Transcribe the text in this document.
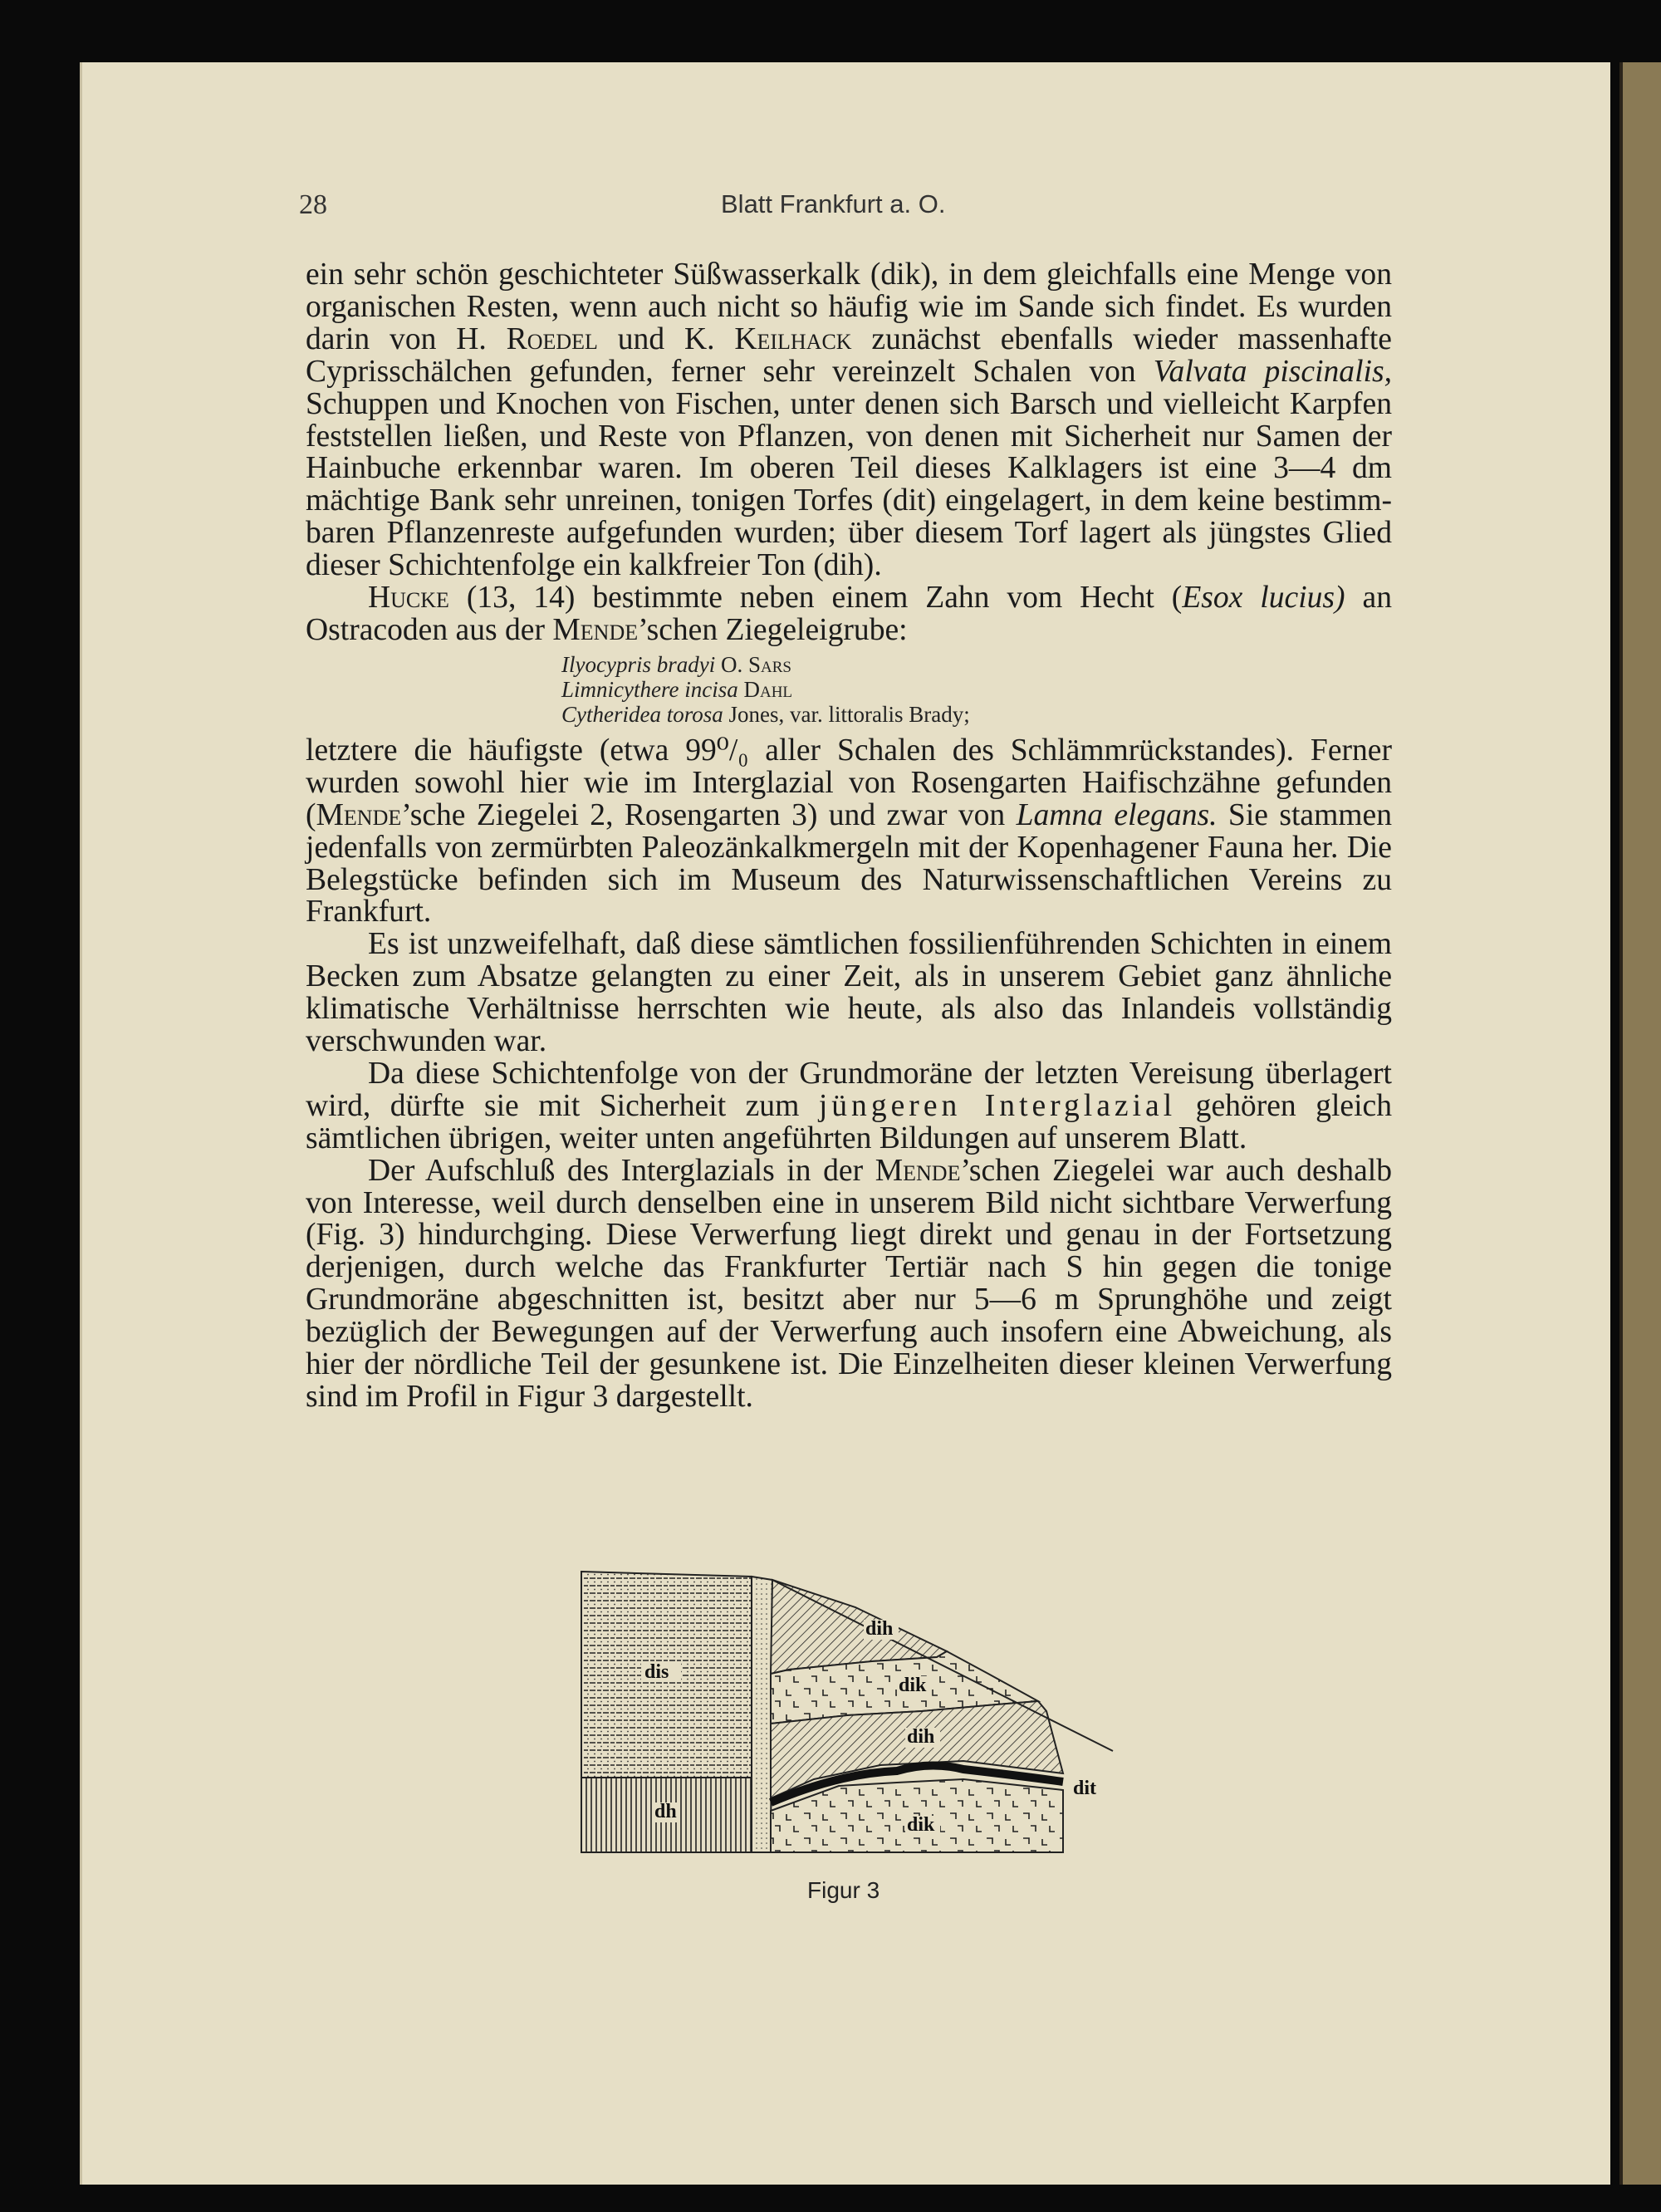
28	Blatt Frankfurt a. O.

ein sehr schön geschichteter Süßwasserkalk (dik), in dem gleichfalls eine Menge von organischen Resten, wenn auch nicht so häufig wie im Sande sich findet. Es wurden darin von H. Roedel und K. Keilhack zunächst ebenfalls wieder massenhafte Cyprisschälchen gefunden, ferner sehr vereinzelt Schalen von Valvata piscinalis, Schuppen und Knochen von Fischen, unter denen sich Barsch und vielleicht Karpfen feststellen ließen, und Reste von Pflanzen, von denen mit Sicherheit nur Samen der Hainbuche erkennbar waren. Im oberen Teil dieses Kalklagers ist eine 3—4 dm mächtige Bank sehr unreinen, tonigen Torfes (dit) eingelagert, in dem keine bestimmbaren Pflanzenreste aufgefunden wurden; über diesem Torf lagert als jüngstes Glied dieser Schichtenfolge ein kalkfreier Ton (dih).

Hucke (13, 14) bestimmte neben einem Zahn vom Hecht (Esox lucius) an Ostracoden aus der Mende’schen Ziegeleigrube:

Ilyocypris bradyi O. Sars
Limnicythere incisa Dahl
Cytheridea torosa Jones, var. littoralis Brady;

letztere die häufigste (etwa 99⁰/₀ aller Schalen des Schlämmrückstandes). Ferner wurden sowohl hier wie im Interglazial von Rosengarten Haifischzähne gefunden (Mende’sche Ziegelei 2, Rosengarten 3) und zwar von Lamna elegans. Sie stammen jedenfalls von zermürbten Paleozänkalkmergeln mit der Kopenhagener Fauna her. Die Belegstücke befinden sich im Museum des Naturwissenschaftlichen Vereins zu Frankfurt.

Es ist unzweifelhaft, daß diese sämtlichen fossilienführenden Schichten in einem Becken zum Absatze gelangten zu einer Zeit, als in unserem Gebiet ganz ähnliche klimatische Verhältnisse herrschten wie heute, als also das Inlandeis vollständig verschwunden war.

Da diese Schichtenfolge von der Grundmoräne der letzten Vereisung überlagert wird, dürfte sie mit Sicherheit zum jüngeren Interglazial gehören gleich sämtlichen übrigen, weiter unten angeführten Bildungen auf unserem Blatt.

Der Aufschluß des Interglazials in der Mende’schen Ziegelei war auch deshalb von Interesse, weil durch denselben eine in unserem Bild nicht sichtbare Verwerfung (Fig. 3) hindurchging. Diese Verwerfung liegt direkt und genau in der Fortsetzung derjenigen, durch welche das Frankfurter Tertiär nach S hin gegen die tonige Grundmoräne abgeschnitten ist, besitzt aber nur 5—6 m Sprunghöhe und zeigt bezüglich der Bewegungen auf der Verwerfung auch insofern eine Abweichung, als hier der nördliche Teil der gesunkene ist. Die Einzelheiten dieser kleinen Verwerfung sind im Profil in Figur 3 dargestellt.

dis
dh
dih
dik
dih
dit
dik
Figur 3
